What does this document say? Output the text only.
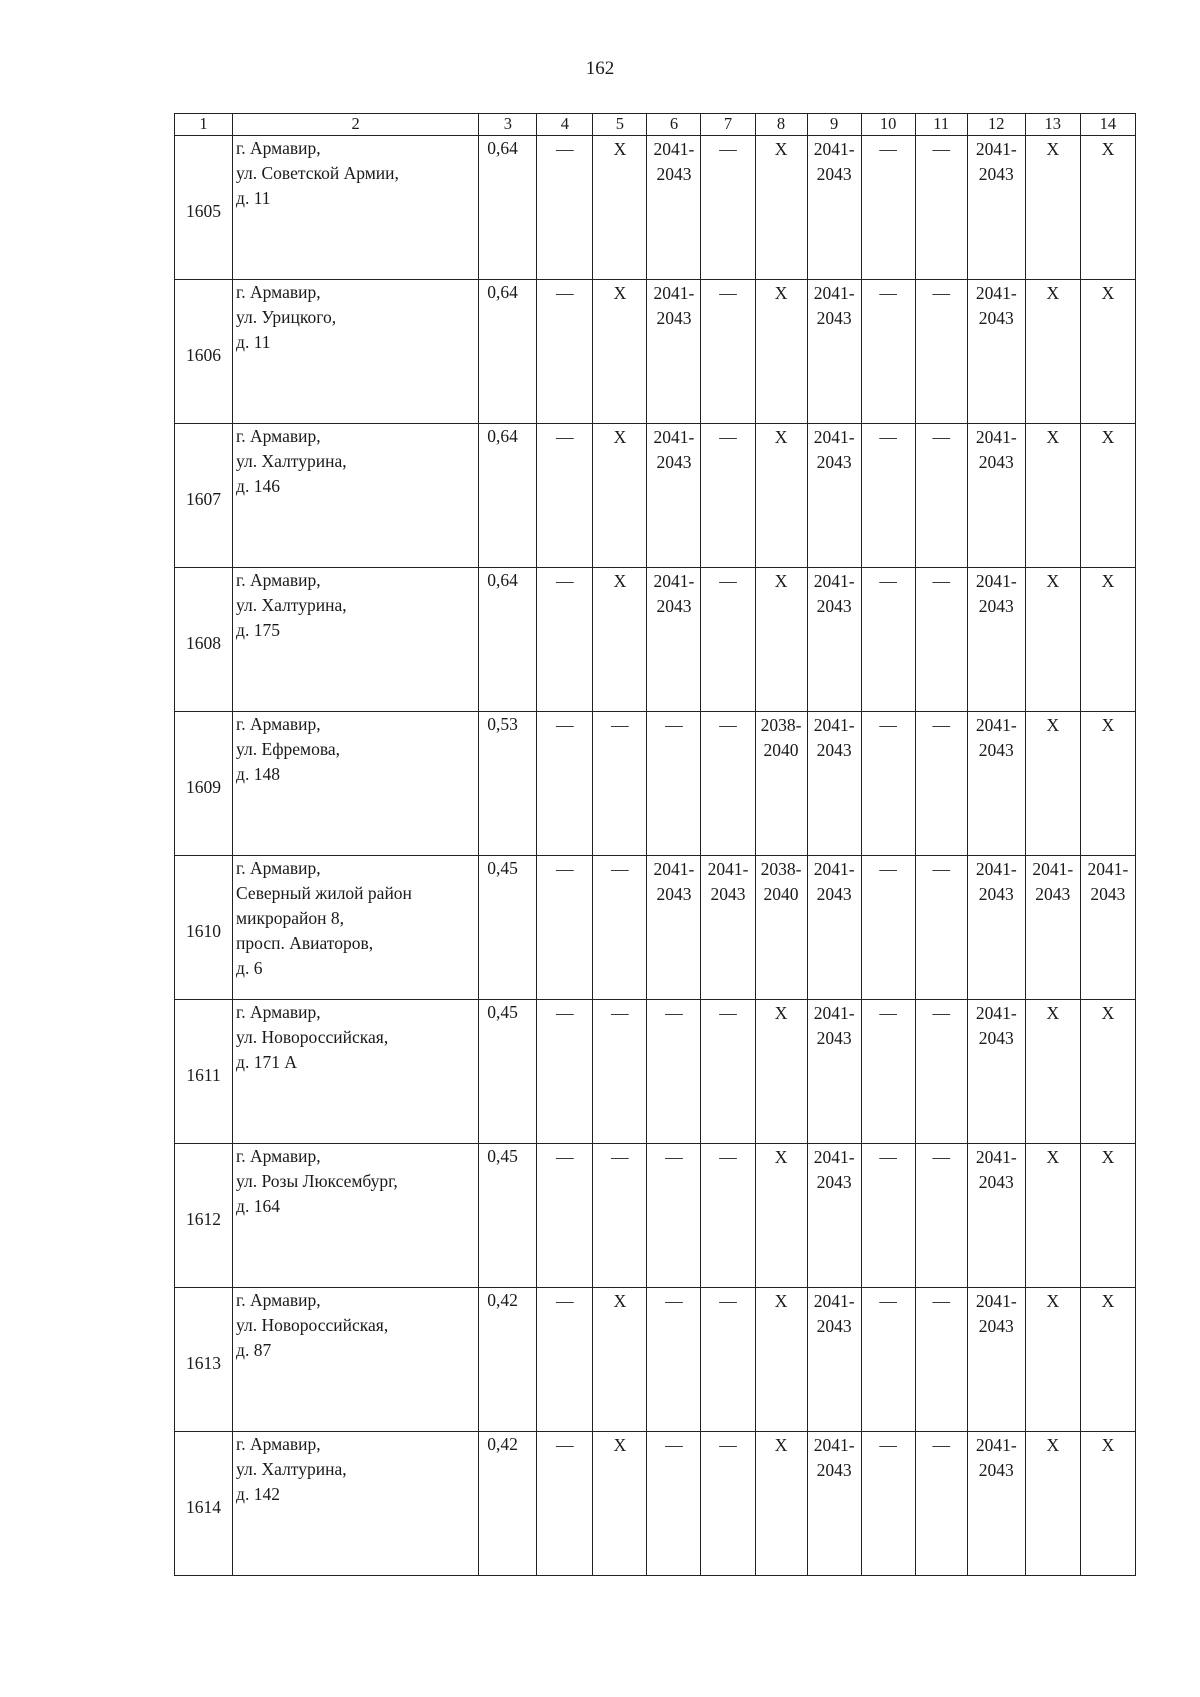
162
1	2	3	4	5	6	7	8	9	10	11	12	13	14

1605	г. Армавир,
ул. Советской Армии,
д. 11	0,64	—	X	2041-
2043	—	X	2041-
2043	—	—	2041-
2043	X	X

1606	г. Армавир,
ул. Урицкого,
д. 11	0,64	—	X	2041-
2043	—	X	2041-
2043	—	—	2041-
2043	X	X

1607	г. Армавир,
ул. Халтурина,
д. 146	0,64	—	X	2041-
2043	—	X	2041-
2043	—	—	2041-
2043	X	X

1608	г. Армавир,
ул. Халтурина,
д. 175	0,64	—	X	2041-
2043	—	X	2041-
2043	—	—	2041-
2043	X	X

1609	г. Армавир,
ул. Ефремова,
д. 148	0,53	—	—	—	—	2038-
2040	2041-
2043	—	—	2041-
2043	X	X

1610	г. Армавир,
Северный жилой район
микрорайон 8,
просп. Авиаторов,
д. 6	0,45	—	—	2041-
2043	2041-
2043	2038-
2040	2041-
2043	—	—	2041-
2043	2041-
2043	2041-
2043

1611	г. Армавир,
ул. Новороссийская,
д. 171 А	0,45	—	—	—	—	X	2041-
2043	—	—	2041-
2043	X	X

1612	г. Армавир,
ул. Розы Люксембург,
д. 164	0,45	—	—	—	—	X	2041-
2043	—	—	2041-
2043	X	X

1613	г. Армавир,
ул. Новороссийская,
д. 87	0,42	—	X	—	—	X	2041-
2043	—	—	2041-
2043	X	X

1614	г. Армавир,
ул. Халтурина,
д. 142	0,42	—	X	—	—	X	2041-
2043	—	—	2041-
2043	X	X
